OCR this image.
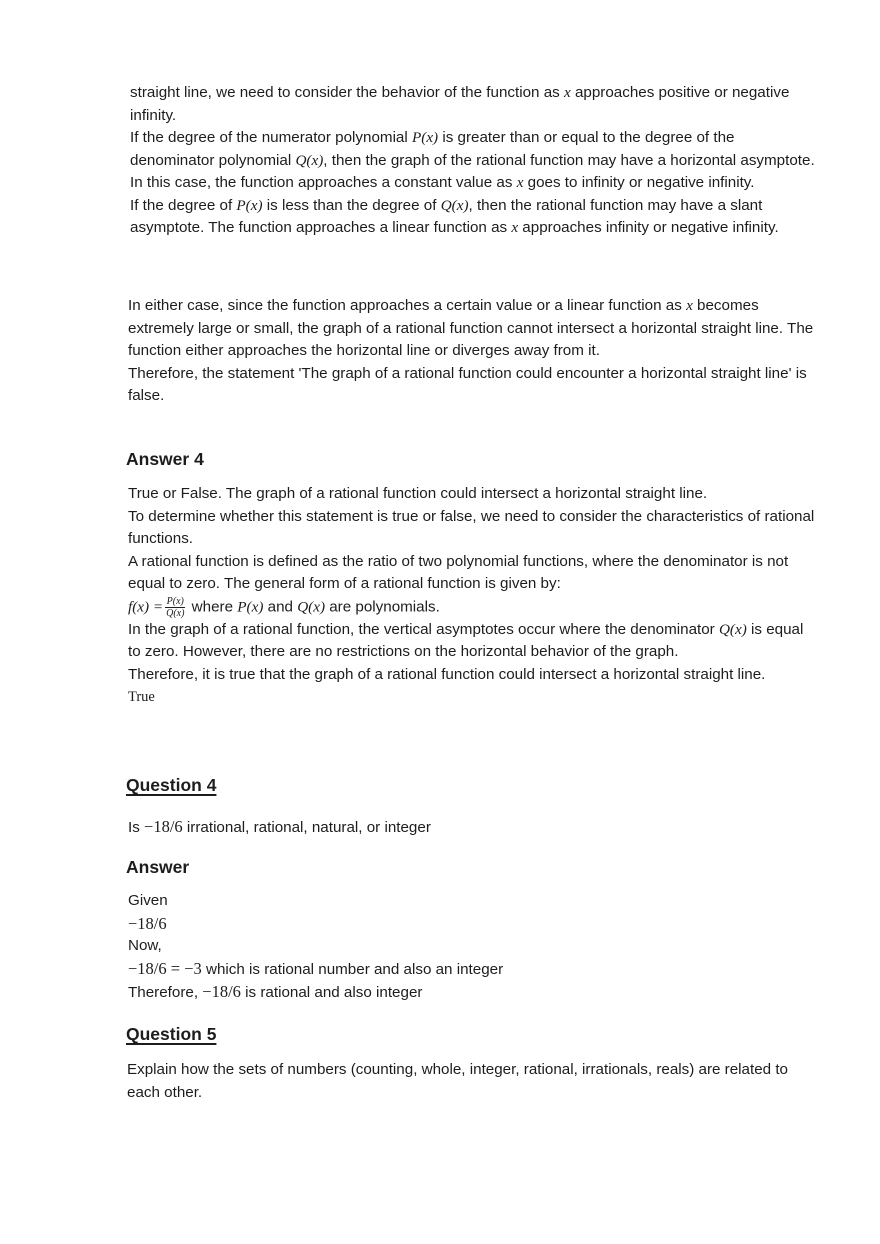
straight line, we need to consider the behavior of the function as x approaches positive or negative infinity.

If the degree of the numerator polynomial P(x) is greater than or equal to the degree of the denominator polynomial Q(x), then the graph of the rational function may have a horizontal asymptote. In this case, the function approaches a constant value as x goes to infinity or negative infinity.

If the degree of P(x) is less than the degree of Q(x), then the rational function may have a slant asymptote. The function approaches a linear function as x approaches infinity or negative infinity.

In either case, since the function approaches a certain value or a linear function as x becomes extremely large or small, the graph of a rational function cannot intersect a horizontal straight line. The function either approaches the horizontal line or diverges away from it.

Therefore, the statement 'The graph of a rational function could encounter a horizontal straight line' is false.

Answer 4

True or False. The graph of a rational function could intersect a horizontal straight line.

To determine whether this statement is true or false, we need to consider the characteristics of rational functions.

A rational function is defined as the ratio of two polynomial functions, where the denominator is not equal to zero. The general form of a rational function is given by:

$f(x) = \frac{P(x)}{Q(x)}$ where P(x) and Q(x) are polynomials.

In the graph of a rational function, the vertical asymptotes occur where the denominator Q(x) is equal to zero. However, there are no restrictions on the horizontal behavior of the graph.

Therefore, it is true that the graph of a rational function could intersect a horizontal straight line.

True

Question 4

Is −18/6 irrational, rational, natural, or integer

Answer

Given

−18/6

Now,

−18/6 = −3 which is rational number and also an integer

Therefore, −18/6 is rational and also integer

Question 5

Explain how the sets of numbers (counting, whole, integer, rational, irrationals, reals) are related to each other.
